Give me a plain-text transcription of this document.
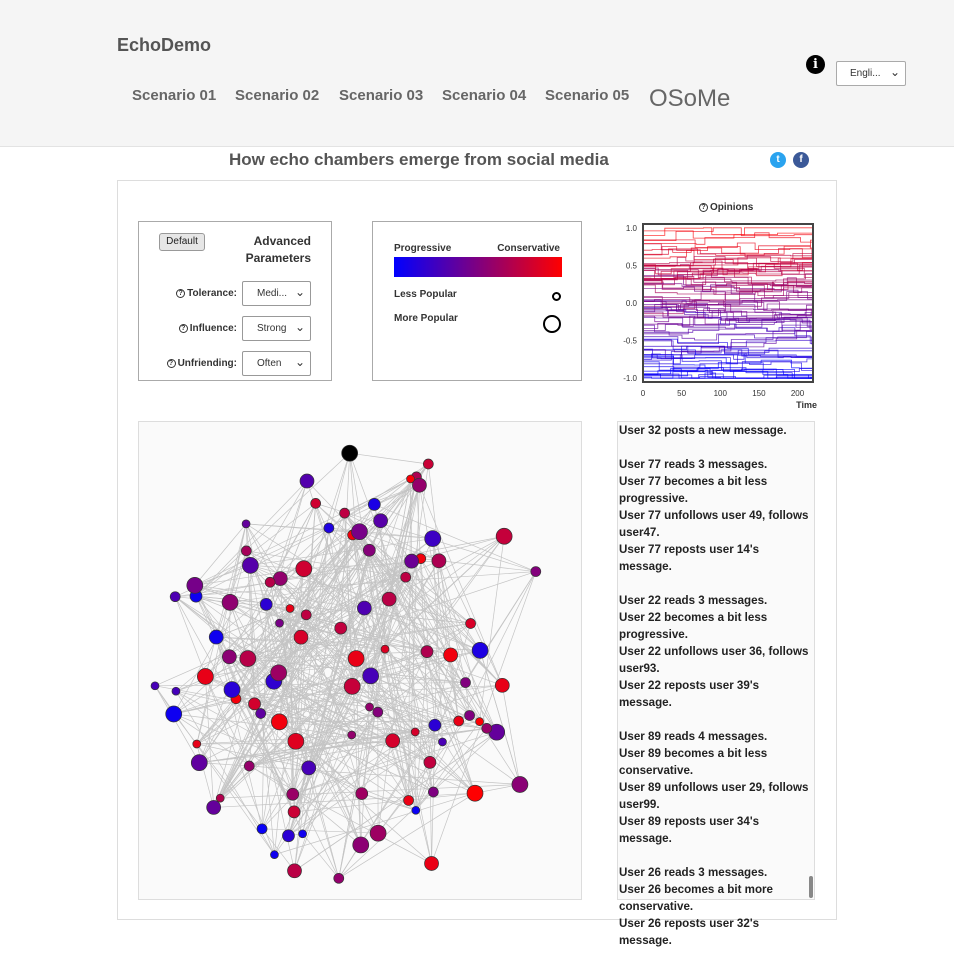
EchoDemo
Scenario 01 Scenario 02 Scenario 03 Scenario 04 Scenario 05 OSoMe
i
Engli... ⌄
How echo chambers emerge from social media	t	f
Default	Advanced Parameters
? Tolerance:	Medi... ⌄
? Influence:	Strong ⌄
? Unfriending:	Often ⌄
Progressive	Conservative
Less Popular
More Popular
? Opinions
1.0
0.5
0.0
-0.5
-1.0
0	50	100	150	200
Time
User 32 posts a new message.
User 77 reads 3 messages.
User 77 becomes a bit less progressive.
User 77 unfollows user 49, follows user47.
User 77 reposts user 14's message.
User 22 reads 3 messages.
User 22 becomes a bit less progressive.
User 22 unfollows user 36, follows user93.
User 22 reposts user 39's message.
User 89 reads 4 messages.
User 89 becomes a bit less conservative.
User 89 unfollows user 29, follows user99.
User 89 reposts user 34's message.
User 26 reads 3 messages.
User 26 becomes a bit more conservative.
User 26 reposts user 32's message.
